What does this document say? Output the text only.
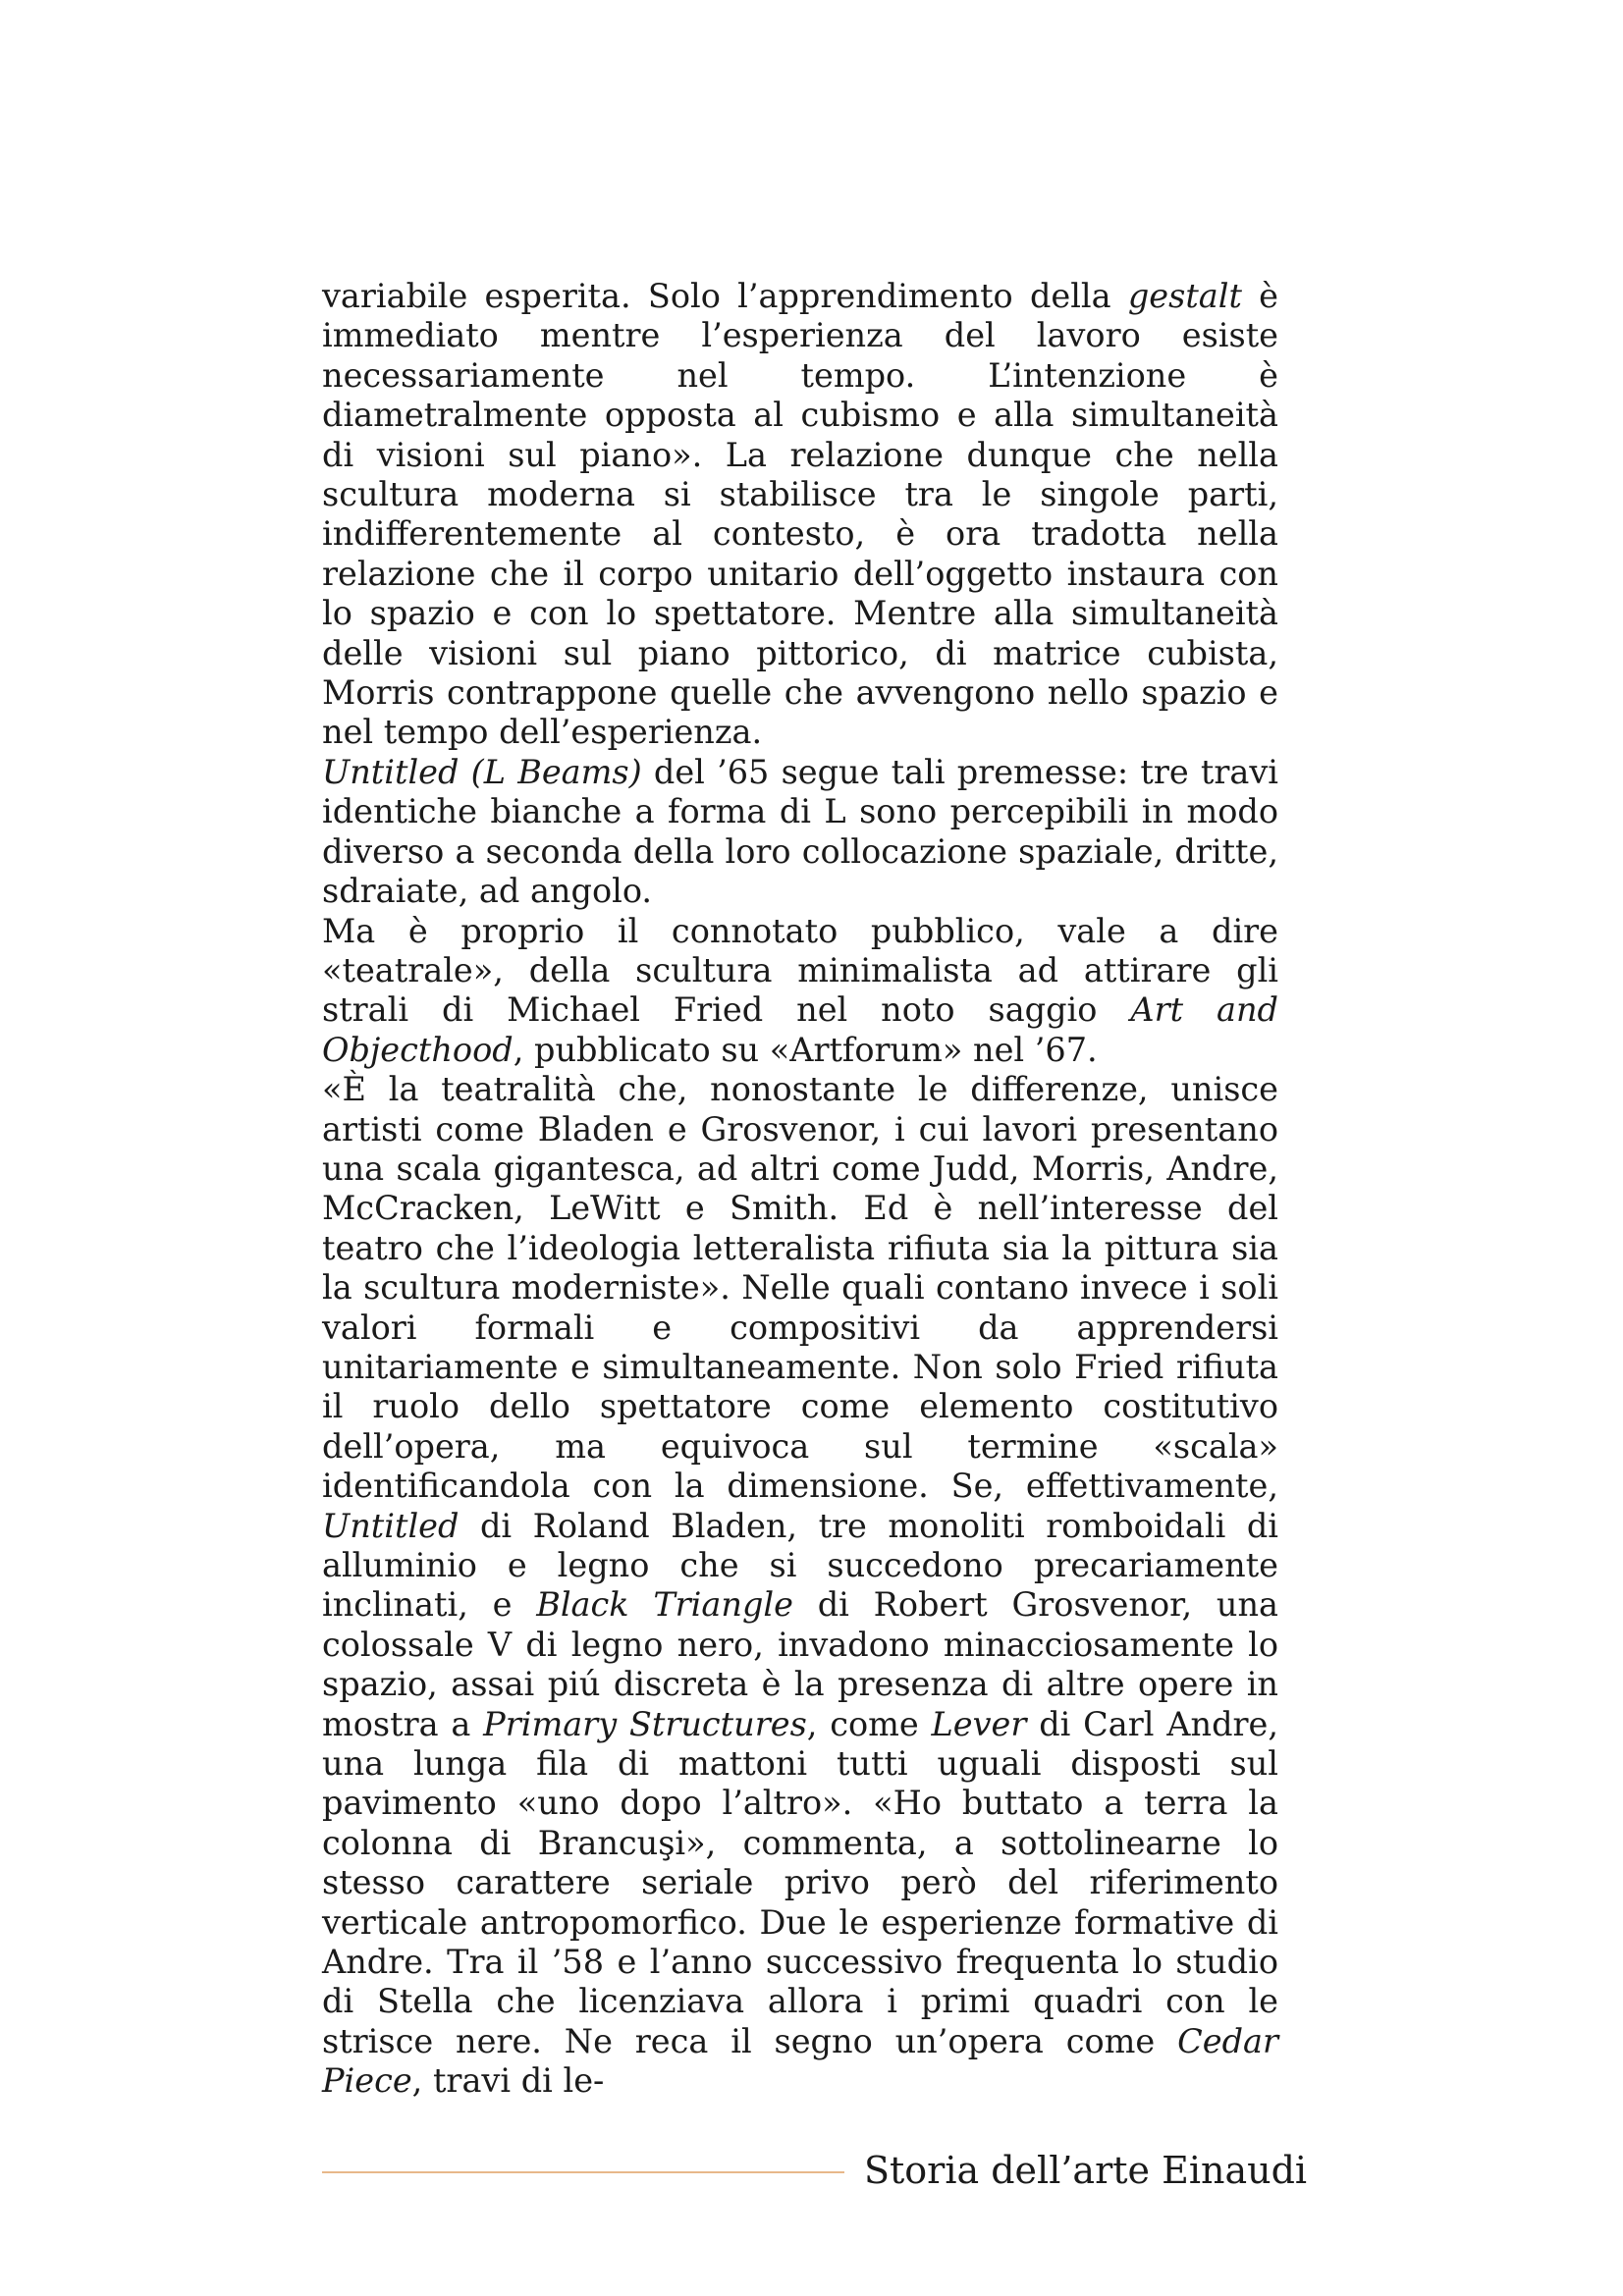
variabile esperita. Solo l’apprendimento della gestalt è immediato mentre l’esperienza del lavoro esiste necessariamente nel tempo. L’intenzione è diametralmente opposta al cubismo e alla simultaneità di visioni sul piano». La relazione dunque che nella scultura moderna si stabilisce tra le singole parti, indifferentemente al contesto, è ora tradotta nella relazione che il corpo unitario dell’oggetto instaura con lo spazio e con lo spettatore. Mentre alla simultaneità delle visioni sul piano pittorico, di matrice cubista, Morris contrappone quelle che avvengono nello spazio e nel tempo dell’esperienza.

Untitled (L Beams) del ’65 segue tali premesse: tre travi identiche bianche a forma di L sono percepibili in modo diverso a seconda della loro collocazione spaziale, dritte, sdraiate, ad angolo.

Ma è proprio il connotato pubblico, vale a dire «teatrale», della scultura minimalista ad attirare gli strali di Michael Fried nel noto saggio Art and Objecthood, pubblicato su «Artforum» nel ’67.

«È la teatralità che, nonostante le differenze, unisce artisti come Bladen e Grosvenor, i cui lavori presentano una scala gigantesca, ad altri come Judd, Morris, Andre, McCracken, LeWitt e Smith. Ed è nell’interesse del teatro che l’ideologia letteralista rifiuta sia la pittura sia la scultura moderniste». Nelle quali contano invece i soli valori formali e compositivi da apprendersi unitariamente e simultaneamente. Non solo Fried rifiuta il ruolo dello spettatore come elemento costitutivo dell’opera, ma equivoca sul termine «scala» identificandola con la dimensione. Se, effettivamente, Untitled di Roland Bladen, tre monoliti romboidali di alluminio e legno che si succedono precariamente inclinati, e Black Triangle di Robert Grosvenor, una colossale V di legno nero, invadono minacciosamente lo spazio, assai piú discreta è la presenza di altre opere in mostra a Primary Structures, come Lever di Carl Andre, una lunga fila di mattoni tutti uguali disposti sul pavimento «uno dopo l’altro». «Ho buttato a terra la colonna di Brancuşi», commenta, a sottolinearne lo stesso carattere seriale privo però del riferimento verticale antropomorfico. Due le esperienze formative di Andre. Tra il ’58 e l’anno successivo frequenta lo studio di Stella che licenziava allora i primi quadri con le strisce nere. Ne reca il segno un’opera come Cedar Piece, travi di le-

Storia dell’arte Einaudi
